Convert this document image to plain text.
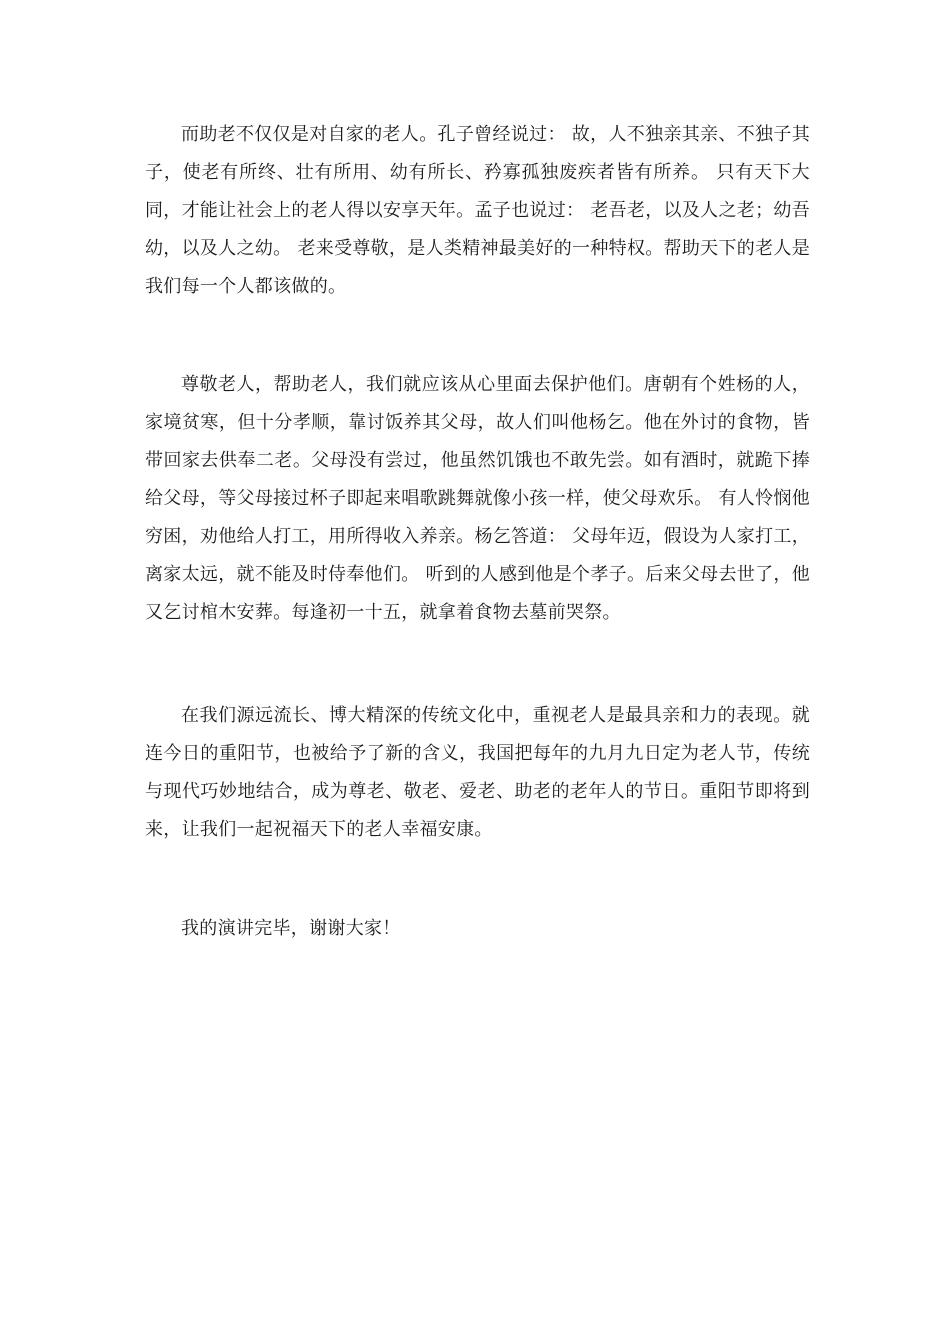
而助老不仅仅是对自家的老人。孔子曾经说过： 故，人不独亲其亲、不独子其子，使老有所终、壮有所用、幼有所长、矜寡孤独废疾者皆有所养。 只有天下大同，才能让社会上的老人得以安享天年。孟子也说过： 老吾老，以及人之老；幼吾幼，以及人之幼。 老来受尊敬，是人类精神最美好的一种特权。帮助天下的老人是我们每一个人都该做的。

尊敬老人，帮助老人，我们就应该从心里面去保护他们。唐朝有个姓杨的人，家境贫寒，但十分孝顺，靠讨饭养其父母，故人们叫他杨乞。他在外讨的食物，皆带回家去供奉二老。父母没有尝过，他虽然饥饿也不敢先尝。如有酒时，就跪下捧给父母，等父母接过杯子即起来唱歌跳舞就像小孩一样，使父母欢乐。 有人怜悯他穷困，劝他给人打工，用所得收入养亲。杨乞答道： 父母年迈，假设为人家打工，离家太远，就不能及时侍奉他们。 听到的人感到他是个孝子。后来父母去世了，他又乞讨棺木安葬。每逢初一十五，就拿着食物去墓前哭祭。

在我们源远流长、博大精深的传统文化中，重视老人是最具亲和力的表现。就连今日的重阳节，也被给予了新的含义，我国把每年的九月九日定为老人节，传统与现代巧妙地结合，成为尊老、敬老、爱老、助老的老年人的节日。重阳节即将到来，让我们一起祝福天下的老人幸福安康。

我的演讲完毕，谢谢大家！
